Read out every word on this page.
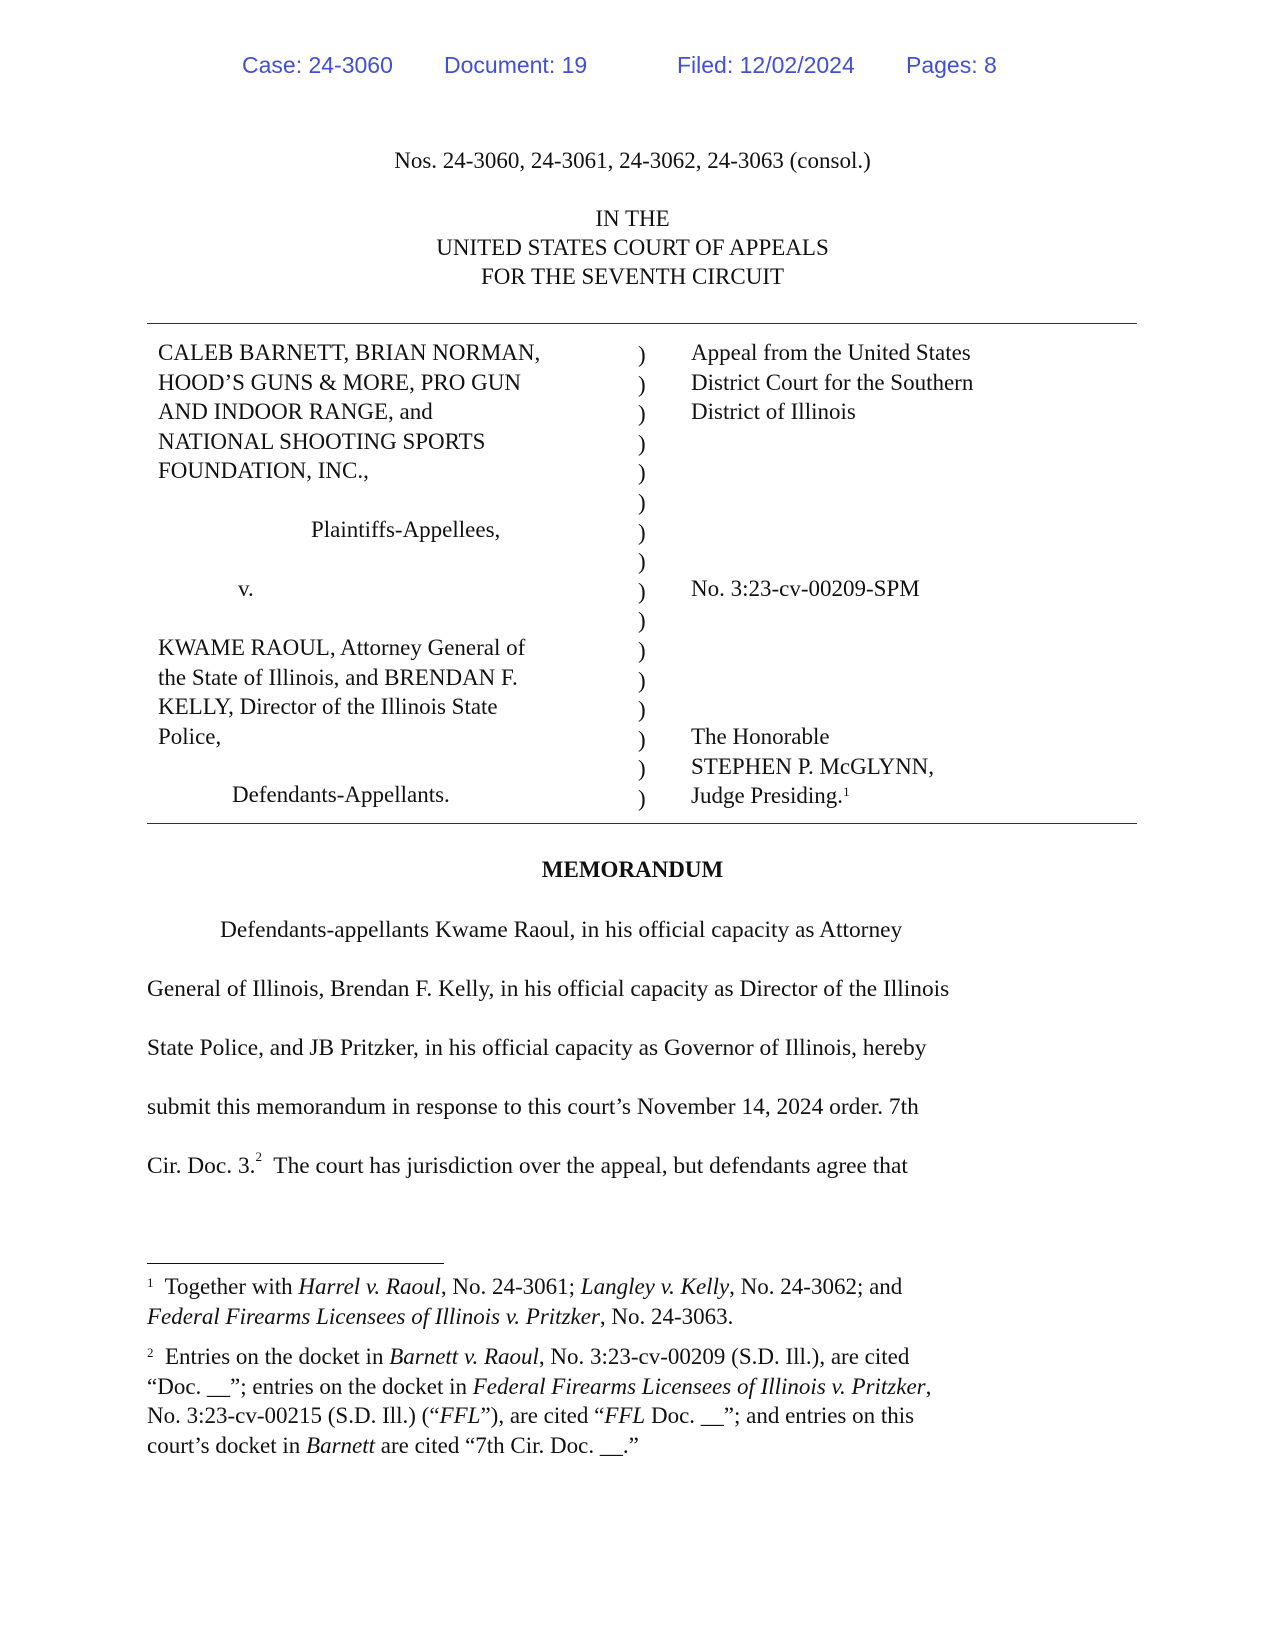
Case: 24-3060 Document: 19	Filed: 12/02/2024 Pages: 8
Nos. 24-3060, 24-3061, 24-3062, 24-3063 (consol.)
IN THE
UNITED STATES COURT OF APPEALS
FOR THE SEVENTH CIRCUIT
CALEB BARNETT, BRIAN NORMAN,
HOOD’S GUNS & MORE, PRO GUN
AND INDOOR RANGE, and
NATIONAL SHOOTING SPORTS
FOUNDATION, INC.,
Plaintiffs-Appellees,
v.
KWAME RAOUL, Attorney General of
the State of Illinois, and BRENDAN F.
KELLY, Director of the Illinois State
Police,
Defendants-Appellants.
)
)
)
)
)
)
)
)
)
)
)
)
)
)
)
)
Appeal from the United States
District Court for the Southern
District of Illinois
No. 3:23-cv-00209-SPM
The Honorable
STEPHEN P. McGLYNN,
Judge Presiding.$^1$
MEMORANDUM
Defendants-appellants Kwame Raoul, in his official capacity as Attorney
General of Illinois, Brendan F. Kelly, in his official capacity as Director of the Illinois
State Police, and JB Pritzker, in his official capacity as Governor of Illinois, hereby
submit this memorandum in response to this court’s November 14, 2024 order. 7th
Cir. Doc. 3.$^2$  The court has jurisdiction over the appeal, but defendants agree that
$^1$ Together with Harrel v. Raoul, No. 24-3061; Langley v. Kelly, No. 24-3062; and
Federal Firearms Licensees of Illinois v. Pritzker, No. 24-3063.
$^2$ Entries on the docket in Barnett v. Raoul, No. 3:23-cv-00209 (S.D. Ill.), are cited
“Doc. __”; entries on the docket in Federal Firearms Licensees of Illinois v. Pritzker,
No. 3:23-cv-00215 (S.D. Ill.) (“FFL”), are cited “FFL Doc. __”; and entries on this
court’s docket in Barnett are cited “7th Cir. Doc. __.”
